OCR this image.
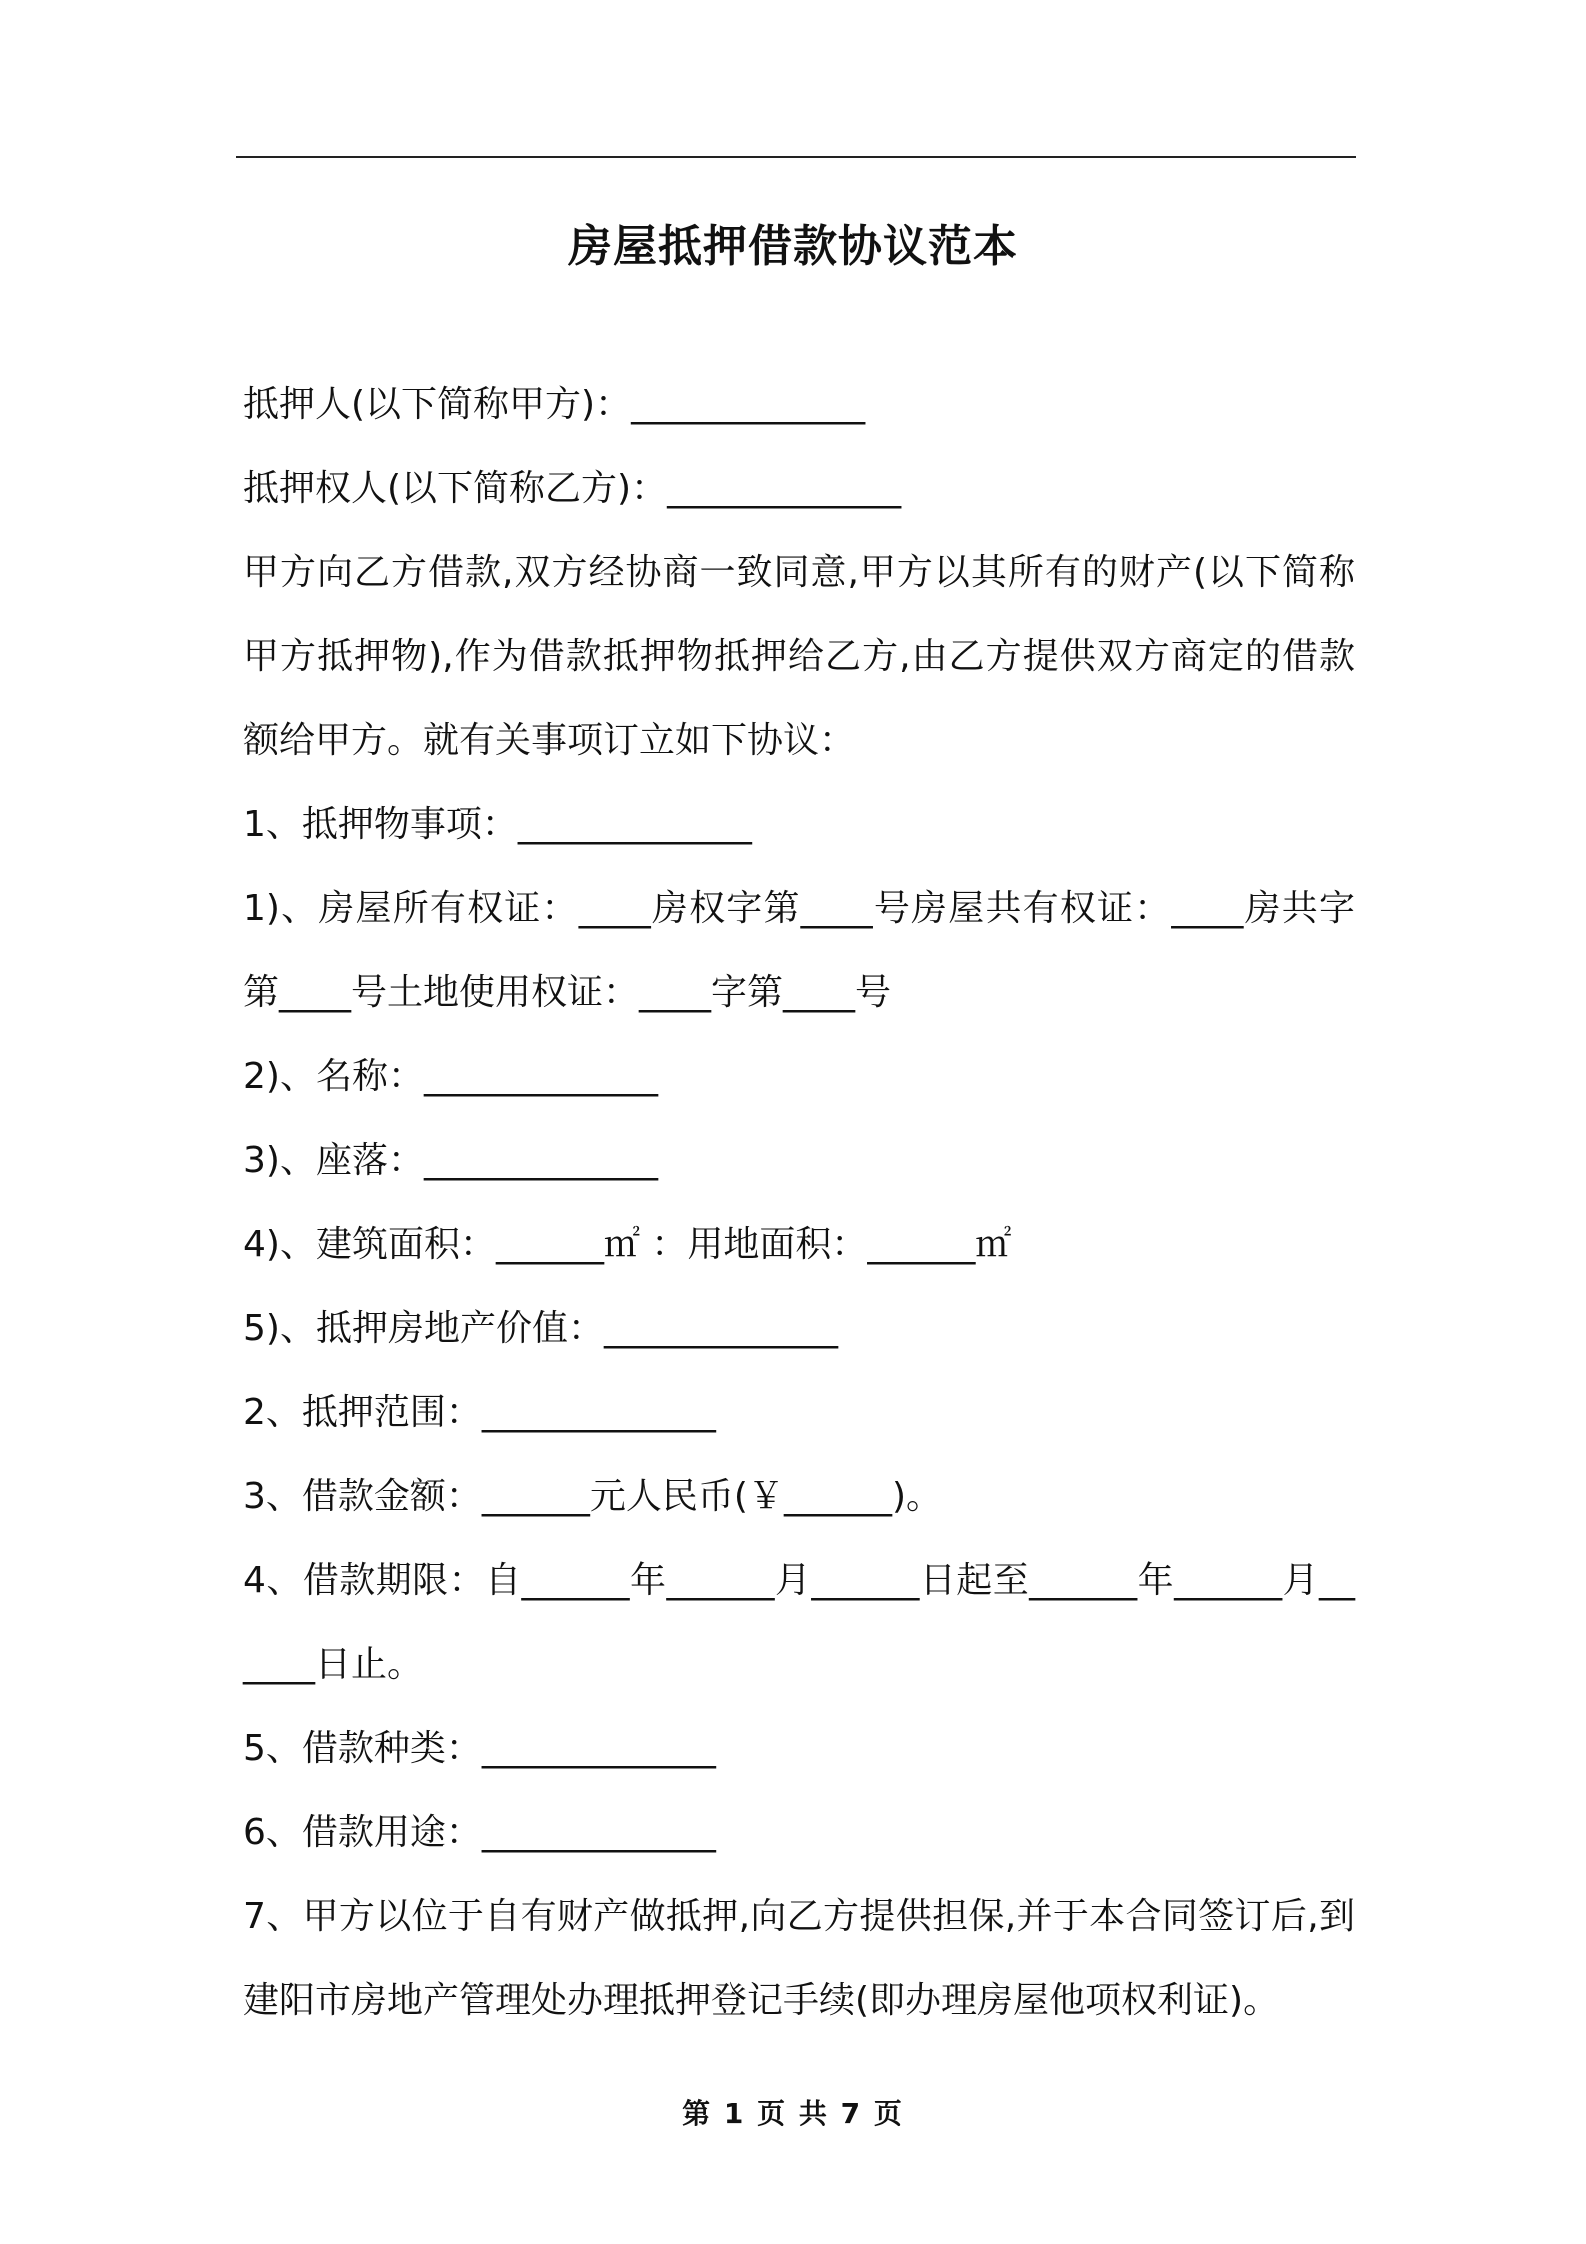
房屋抵押借款协议范本
抵押人(以下简称甲方)：_____________
抵押权人(以下简称乙方)：_____________
甲方向乙方借款,双方经协商一致同意,甲方以其所有的财产(以下简称甲方抵押物),作为借款抵押物抵押给乙方,由乙方提供双方商定的借款额给甲方。就有关事项订立如下协议：
1、抵押物事项：_____________
1)、房屋所有权证：____房权字第____号房屋共有权证：____房共字第____号土地使用权证：____字第____号
2)、名称：_____________
3)、座落：_____________
4)、建筑面积：______㎡ ：用地面积：______㎡
5)、抵押房地产价值：_____________
2、抵押范围：_____________
3、借款金额：______元人民币(￥______)。
4、借款期限：自______年______月______日起至______年______月______日止。
5、借款种类：_____________
6、借款用途：_____________
7、甲方以位于自有财产做抵押,向乙方提供担保,并于本合同签订后,到建阳市房地产管理处办理抵押登记手续(即办理房屋他项权利证)。
第 1 页 共 7 页
